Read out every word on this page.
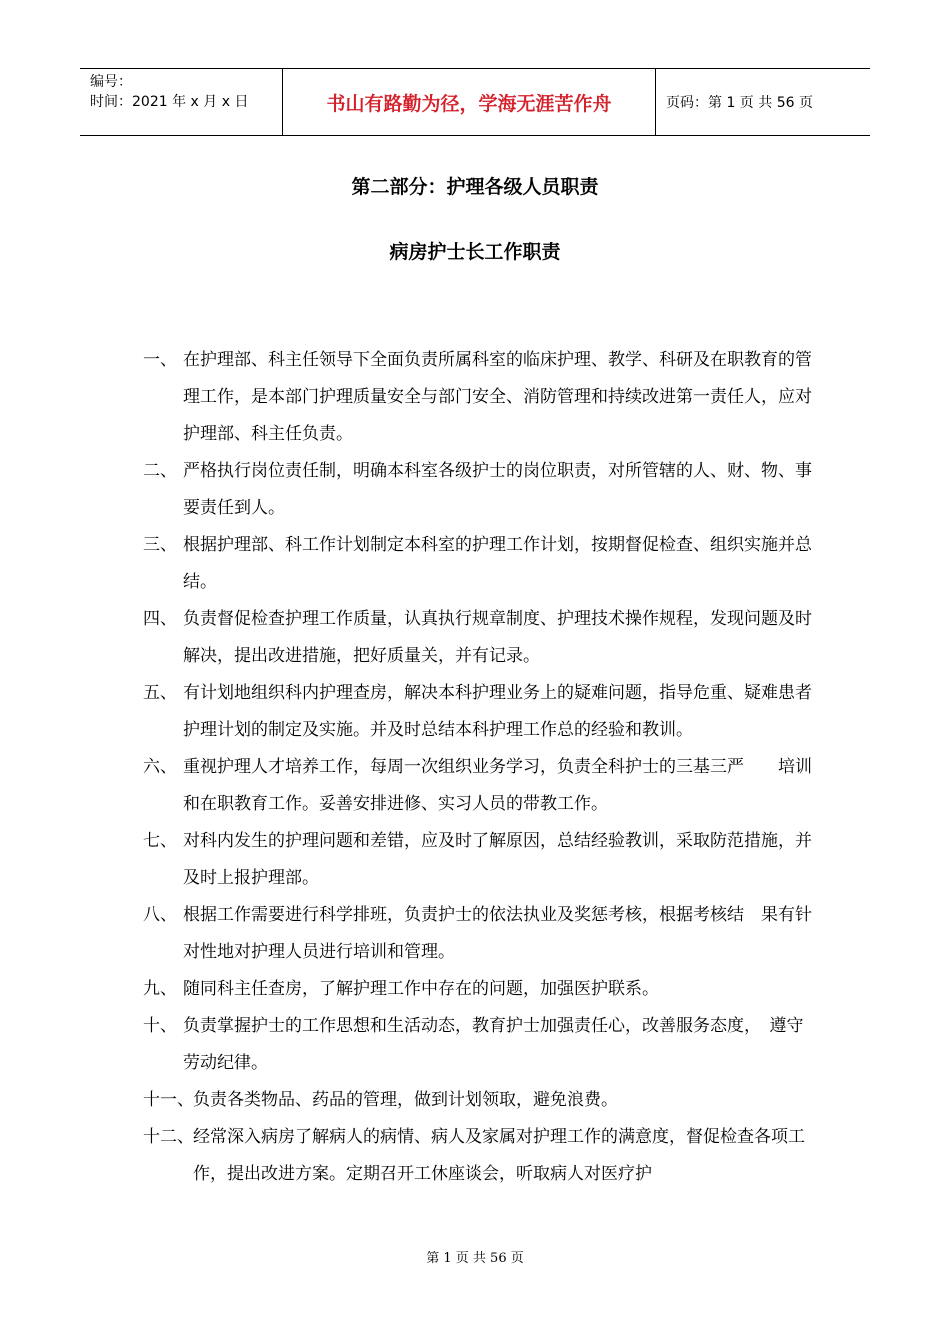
编号：
时间：2021 年 x 月 x 日	书山有路勤为径，学海无涯苦作舟	页码：第 1 页 共 56 页
第二部分：护理各级人员职责
病房护士长工作职责
一、 在护理部、科主任领导下全面负责所属科室的临床护理、教学、科研及在职教育的管理工作，是本部门护理质量安全与部门安全、消防管理和持续改进第一责任人，应对护理部、科主任负责。
二、 严格执行岗位责任制，明确本科室各级护士的岗位职责，对所管辖的人、财、物、事要责任到人。
三、 根据护理部、科工作计划制定本科室的护理工作计划，按期督促检查、组织实施并总结。
四、 负责督促检查护理工作质量，认真执行规章制度、护理技术操作规程，发现问题及时解决，提出改进措施，把好质量关，并有记录。
五、 有计划地组织科内护理查房，解决本科护理业务上的疑难问题，指导危重、疑难患者护理计划的制定及实施。并及时总结本科护理工作总的经验和教训。
六、 重视护理人才培养工作，每周一次组织业务学习，负责全科护士的三基三严　　培训和在职教育工作。妥善安排进修、实习人员的带教工作。
七、 对科内发生的护理问题和差错，应及时了解原因，总结经验教训，采取防范措施，并及时上报护理部。
八、 根据工作需要进行科学排班，负责护士的依法执业及奖惩考核，根据考核结　果有针对性地对护理人员进行培训和管理。
九、 随同科主任查房，了解护理工作中存在的问题，加强医护联系。
十、 负责掌握护士的工作思想和生活动态，教育护士加强责任心，改善服务态度，　遵守劳动纪律。
十一、 负责各类物品、药品的管理，做到计划领取，避免浪费。
十二、 经常深入病房了解病人的病情、病人及家属对护理工作的满意度，督促检查各项工作，提出改进方案。定期召开工休座谈会，听取病人对医疗护
第 1 页 共 56 页
